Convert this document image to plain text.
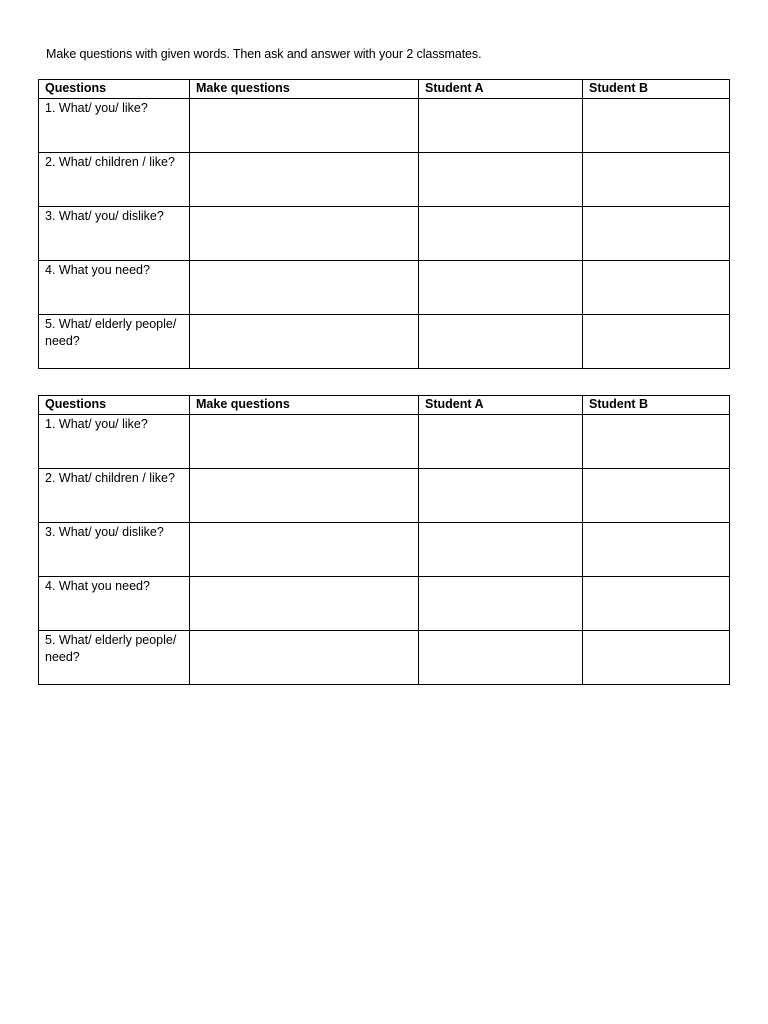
Make questions with given words. Then ask and answer with your 2 classmates.
Questions	Make questions	Student A	Student B
1. What/ you/ like?			
2. What/ children / like?			
3. What/ you/ dislike?			
4. What you need?			
5. What/ elderly people/ need?			
Questions	Make questions	Student A	Student B
1. What/ you/ like?			
2. What/ children / like?			
3. What/ you/ dislike?			
4. What you need?			
5. What/ elderly people/ need?			
